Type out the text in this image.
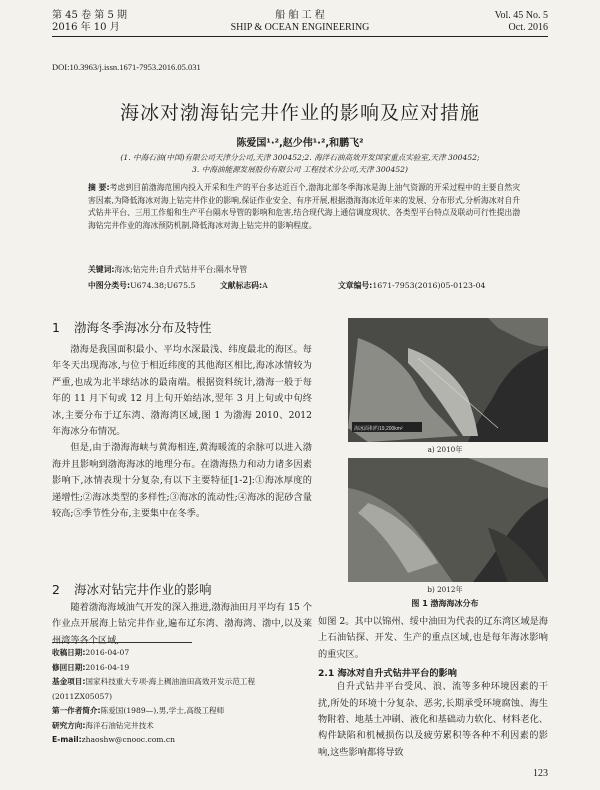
第 45 卷 第 5 期
2016 年 10 月
船 舶 工 程
SHIP & OCEAN ENGINEERING
Vol. 45 No. 5
Oct. 2016
DOI:10.3963/j.issn.1671-7953.2016.05.031
海冰对渤海钻完井作业的影响及应对措施
陈爱国¹·²,赵少伟¹·²,和鹏飞²
(1. 中海石油(中国)有限公司天津分公司,天津 300452;2. 海洋石油高效开发国家重点实验室,天津 300452;
3. 中海油能源发展股份有限公司 工程技术分公司,天津 300452)
摘 要:考虑到目前渤海范围内投入开采和生产的平台多达近百个,渤海北部冬季海冰是海上油气资源的开采过程中的主要自然灾害因素,为降低海冰对海上钻完井作业的影响,保证作业安全、有序开展,根据渤海海冰近年来的发展、分布形式,分析海冰对自升式钻井平台、三用工作船和生产平台隔水导管的影响和危害,结合现代海上通信调度现状、各类型平台特点及联动可行性提出渤海钻完井作业的海冰预防机制,降低海冰对海上钻完井的影响程度。
关键词:海冰;钻完井;自升式钻井平台;隔水导管
中图分类号:U674.38;U675.5	文献标志码:A	文章编号:1671-7953(2016)05-0123-04
1 渤海冬季海冰分布及特性

渤海是我国面积最小、平均水深最浅、纬度最北的海区。每年冬天出现海冰,与位于相近纬度的其他海区相比,海冰冰情较为严重,也成为北半球结冰的最南端。根据资料统计,渤海一般于每年的 11 月下旬或 12 月上旬开始结冰,翌年 3 月上旬或中旬终冰,主要分布于辽东湾、渤海湾区域,图 1 为渤海 2010、2012 年海冰分布情况。

但是,由于渤海海峡与黄海相连,黄海暖流的余脉可以进入渤海并且影响到渤海海冰的地理分布。在渤海热力和动力诸多因素影响下,冰情表现十分复杂,有以下主要特征[1-2]:①海冰厚度的递增性;②海冰类型的多样性;③海冰的流动性;④海冰的泥砂含量较高;⑤季节性分布,主要集中在冬季。

2 海冰对钻完井作业的影响

随着渤海海域油气开发的深入推进,渤海油田月平均有 15 个作业点开展海上钻完井作业,遍布辽东湾、渤海湾、渤中,以及莱州湾等各个区域,

收稿日期:2016-04-07
修回日期:2016-04-19
基金项目:国家科技重大专项-海上稠油油田高效开发示范工程(2011ZX05057)
第一作者简介:陈爱国(1989—),男,学士,高级工程师
研究方向:海洋石油钻完井技术
E-mail:zhaoshw@cnooc.com.cn
海冰面积约19,200km²
a) 2010年
b) 2012年
图 1 渤海海冰分布

如图 2。其中以锦州、绥中油田为代表的辽东湾区域是海上石油钻探、开发、生产的重点区域,也是每年海冰影响的重灾区。

2.1 海冰对自升式钻井平台的影响

自升式钻井平台受风、浪、流等多种环境因素的干扰,所处的环境十分复杂、恶劣,长期承受环境腐蚀、海生物附着、地基土冲刷、液化和基础动力软化、材料老化、构件缺陷和机械损伤以及疲劳累积等各种不利因素的影响,这些影响都将导致

123
